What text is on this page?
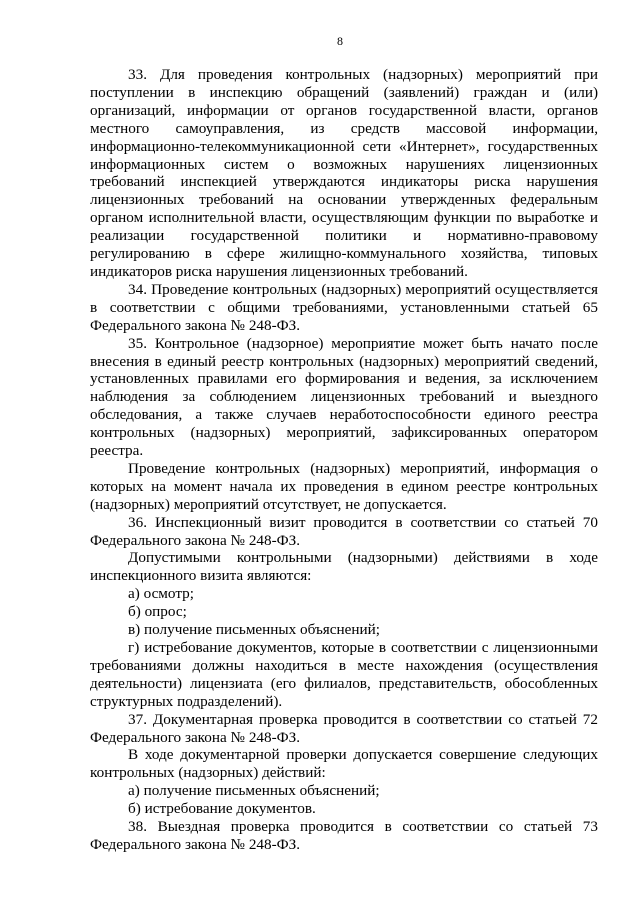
8

33. Для проведения контрольных (надзорных) мероприятий при поступлении в инспекцию обращений (заявлений) граждан и (или) организаций, информации от органов государственной власти, органов местного самоуправления, из средств массовой информации, информационно-телекоммуникационной сети «Интернет», государственных информационных систем о возможных нарушениях лицензионных требований инспекцией утверждаются индикаторы риска нарушения лицензионных требований на основании утвержденных федеральным органом исполнительной власти, осуществляющим функции по выработке и реализации государственной политики и нормативно-правовому регулированию в сфере жилищно-коммунального хозяйства, типовых индикаторов риска нарушения лицензионных требований.

34. Проведение контрольных (надзорных) мероприятий осуществляется в соответствии с общими требованиями, установленными статьей 65 Федерального закона № 248-ФЗ.

35. Контрольное (надзорное) мероприятие может быть начато после внесения в единый реестр контрольных (надзорных) мероприятий сведений, установленных правилами его формирования и ведения, за исключением наблюдения за соблюдением лицензионных требований и выездного обследования, а также случаев неработоспособности единого реестра контрольных (надзорных) мероприятий, зафиксированных оператором реестра.

Проведение контрольных (надзорных) мероприятий, информация о которых на момент начала их проведения в едином реестре контрольных (надзорных) мероприятий отсутствует, не допускается.

36. Инспекционный визит проводится в соответствии со статьей 70 Федерального закона № 248-ФЗ.

Допустимыми контрольными (надзорными) действиями в ходе инспекционного визита являются:

а) осмотр;

б) опрос;

в) получение письменных объяснений;

г) истребование документов, которые в соответствии с лицензионными требованиями должны находиться в месте нахождения (осуществления деятельности) лицензиата (его филиалов, представительств, обособленных структурных подразделений).

37. Документарная проверка проводится в соответствии со статьей 72 Федерального закона № 248-ФЗ.

В ходе документарной проверки допускается совершение следующих контрольных (надзорных) действий:

а) получение письменных объяснений;

б) истребование документов.

38. Выездная проверка проводится в соответствии со статьей 73 Федерального закона № 248-ФЗ.
